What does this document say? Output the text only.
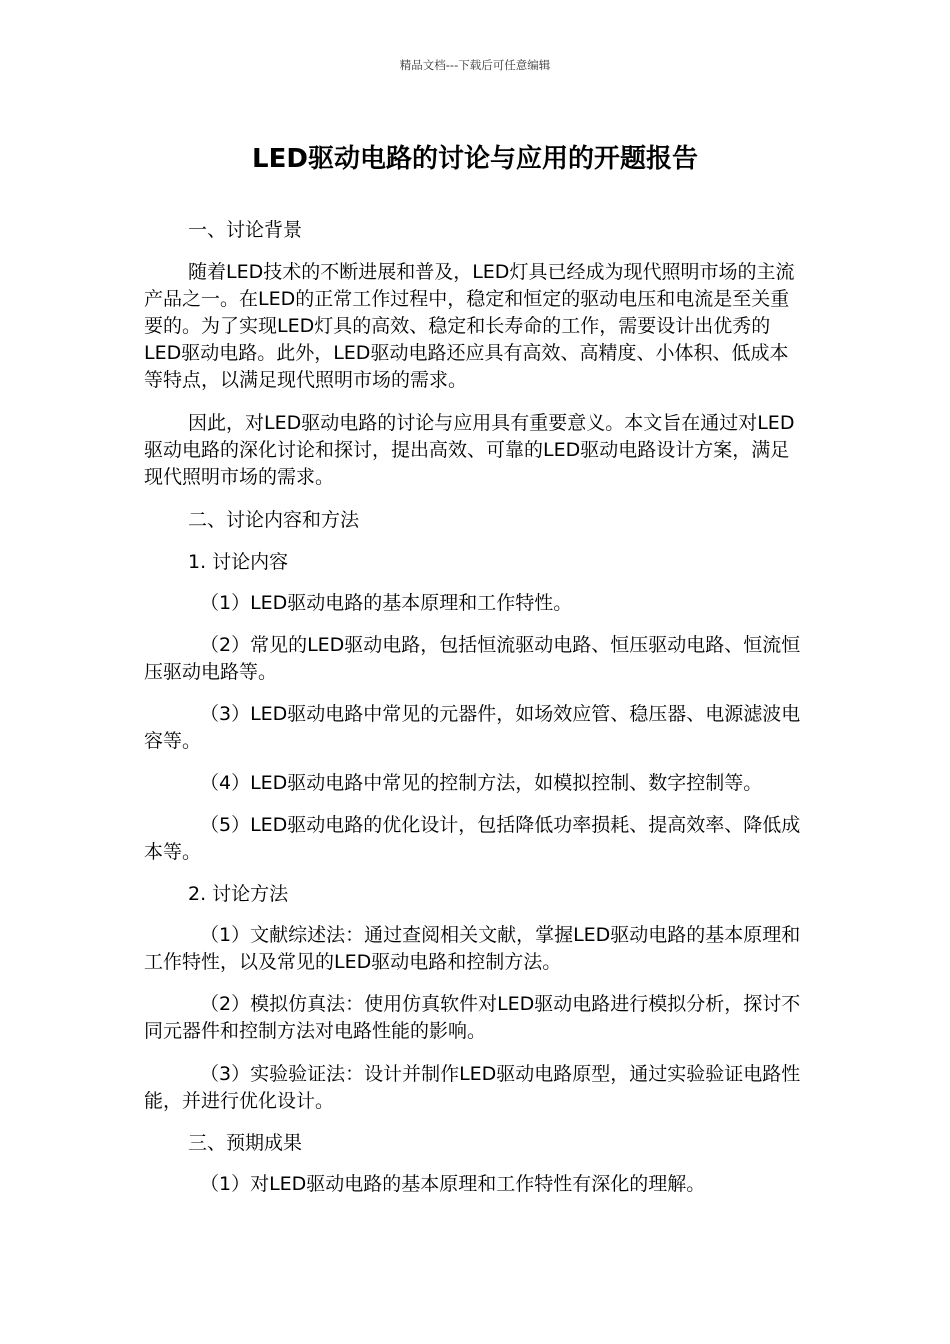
精品文档---下载后可任意编辑
LED驱动电路的讨论与应用的开题报告

一、讨论背景

随着LED技术的不断进展和普及，LED灯具已经成为现代照明市场的主流产品之一。在LED的正常工作过程中，稳定和恒定的驱动电压和电流是至关重要的。为了实现LED灯具的高效、稳定和长寿命的工作，需要设计出优秀的LED驱动电路。此外，LED驱动电路还应具有高效、高精度、小体积、低成本等特点，以满足现代照明市场的需求。

因此，对LED驱动电路的讨论与应用具有重要意义。本文旨在通过对LED驱动电路的深化讨论和探讨，提出高效、可靠的LED驱动电路设计方案，满足现代照明市场的需求。

二、讨论内容和方法

1. 讨论内容

（1）LED驱动电路的基本原理和工作特性。

（2）常见的LED驱动电路，包括恒流驱动电路、恒压驱动电路、恒流恒压驱动电路等。

（3）LED驱动电路中常见的元器件，如场效应管、稳压器、电源滤波电容等。

（4）LED驱动电路中常见的控制方法，如模拟控制、数字控制等。

（5）LED驱动电路的优化设计，包括降低功率损耗、提高效率、降低成本等。

2. 讨论方法

（1）文献综述法：通过查阅相关文献，掌握LED驱动电路的基本原理和工作特性，以及常见的LED驱动电路和控制方法。

（2）模拟仿真法：使用仿真软件对LED驱动电路进行模拟分析，探讨不同元器件和控制方法对电路性能的影响。

（3）实验验证法：设计并制作LED驱动电路原型，通过实验验证电路性能，并进行优化设计。

三、预期成果

（1）对LED驱动电路的基本原理和工作特性有深化的理解。
